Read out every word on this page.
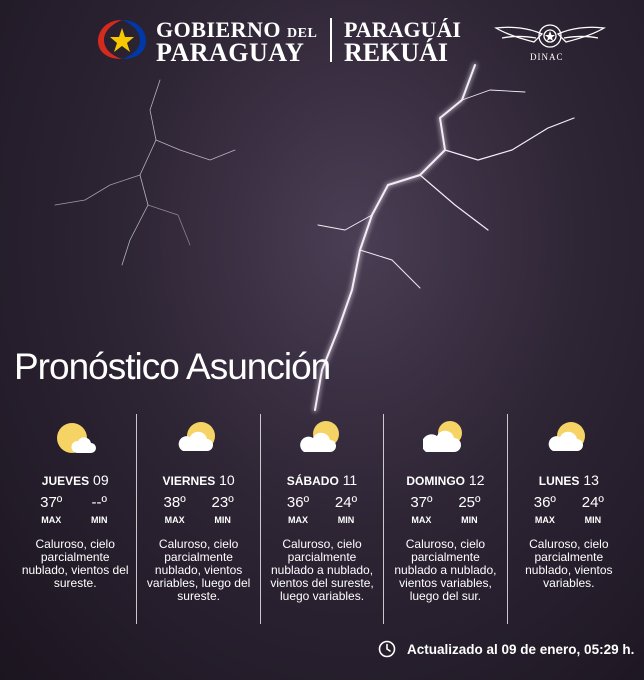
GOBIERNO DEL
PARAGUAY
PARAGUÁI
REKUÁI	DINAC
Pronóstico Asunción
JUEVES 09
37º
MAX
--º
MIN
Caluroso, cielo parcialmente nublado, vientos del sureste.
VIERNES 10
38º
MAX
23º
MIN
Caluroso, cielo parcialmente nublado, vientos variables, luego del sureste.
SÁBADO 11
36º
MAX
24º
MIN
Caluroso, cielo parcialmente nublado a nublado, vientos del sureste, luego variables.
DOMINGO 12
37º
MAX
25º
MIN
Caluroso, cielo parcialmente nublado a nublado, vientos variables, luego del sur.
LUNES 13
36º
MAX
24º
MIN
Caluroso, cielo parcialmente nublado, vientos variables.
Actualizado al 09 de enero, 05:29 h.
